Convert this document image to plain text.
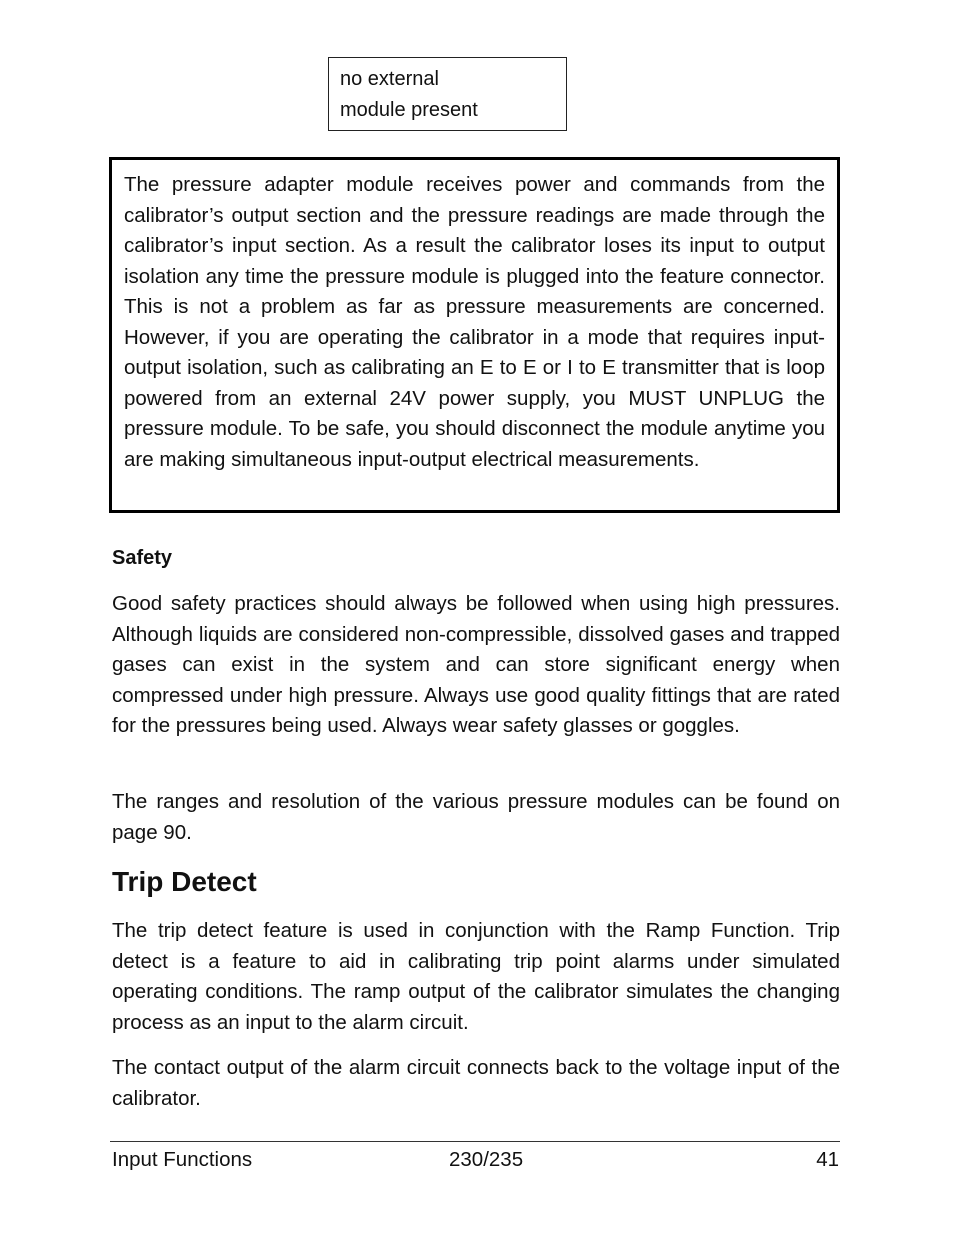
no external
module present
The pressure adapter module receives power and commands from the calibrator’s output section and the pressure readings are made through the calibrator’s input section. As a result the calibrator loses its input to output isolation any time the pressure module is plugged into the feature connector. This is not a problem as far as pressure measurements are concerned. However, if you are operating the calibrator in a mode that requires input-output isolation, such as calibrating an E to E or I to E transmitter that is loop powered from an external 24V power supply, you MUST UNPLUG the pressure module. To be safe, you should disconnect the module anytime you are making simultaneous input-output electrical measurements.
Safety

Good safety practices should always be followed when using high pressures. Although liquids are considered non-compressible, dissolved gases and trapped gases can exist in the system and can store significant energy when compressed under high pressure. Always use good quality fittings that are rated for the pressures being used. Always wear safety glasses or goggles.

The ranges and resolution of the various pressure modules can be found on page 90.

Trip Detect

The trip detect feature is used in conjunction with the Ramp Function. Trip detect is a feature to aid in calibrating trip point alarms under simulated operating conditions. The ramp output of the calibrator simulates the changing process as an input to the alarm circuit.

The contact output of the alarm circuit connects back to the voltage input of the calibrator.

Input Functions	230/235	41
